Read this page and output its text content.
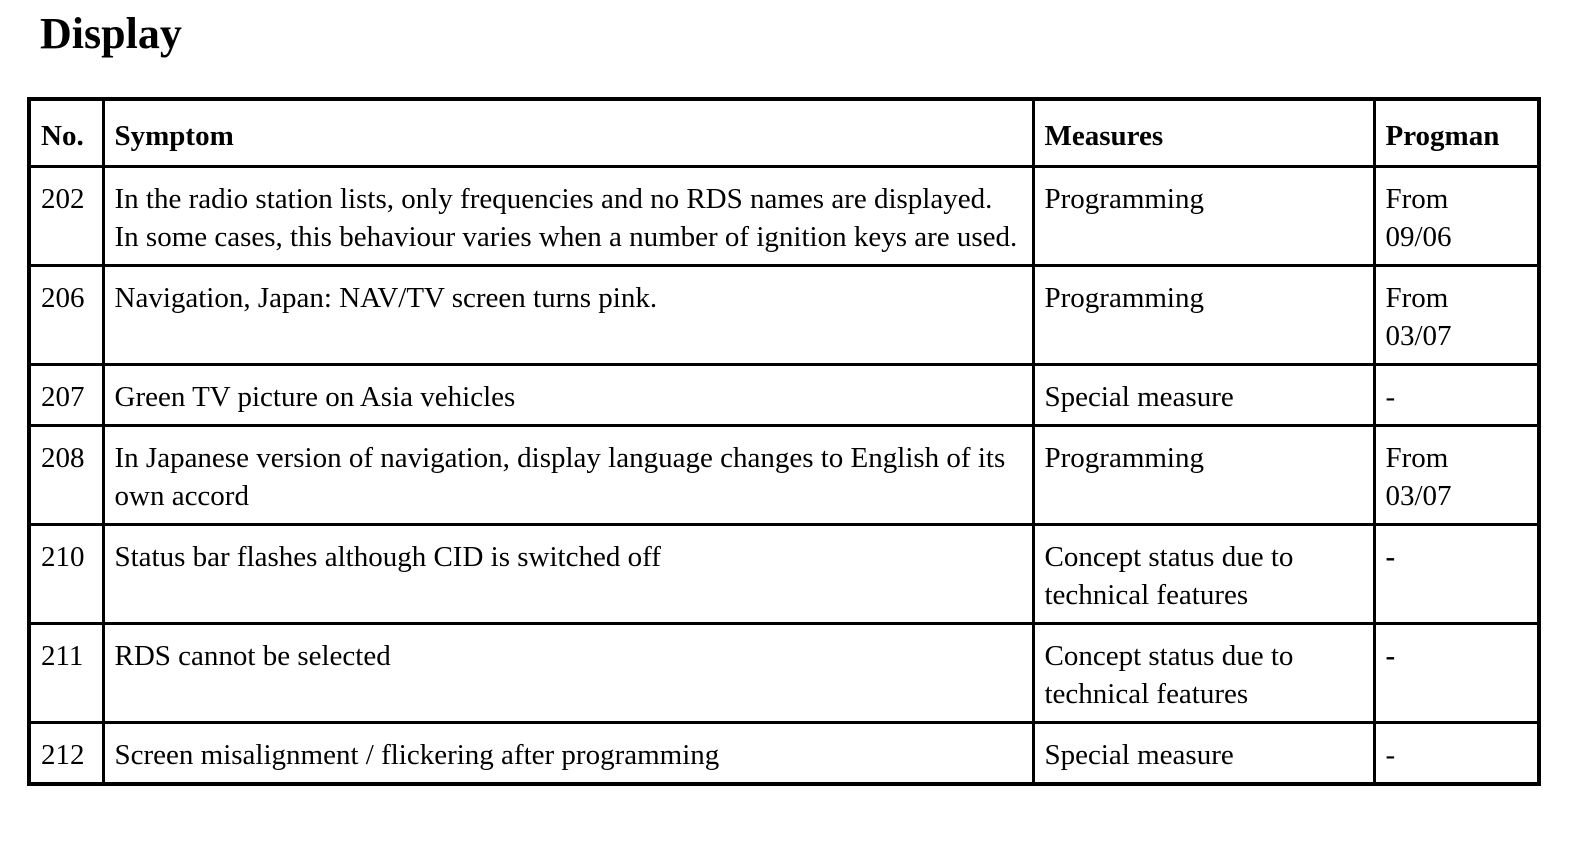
Display
No.	Symptom	Measures	Progman
202	In the radio station lists, only frequencies and no RDS names are displayed. In some cases, this behaviour varies when a number of ignition keys are used.	Programming	From 09/06
206	Navigation, Japan: NAV/TV screen turns pink.	Programming	From 03/07
207	Green TV picture on Asia vehicles	Special measure	-
208	In Japanese version of navigation, display language changes to English of its own accord	Programming	From 03/07
210	Status bar flashes although CID is switched off	Concept status due to technical features	-
211	RDS cannot be selected	Concept status due to technical features	-
212	Screen misalignment / flickering after programming	Special measure	-
